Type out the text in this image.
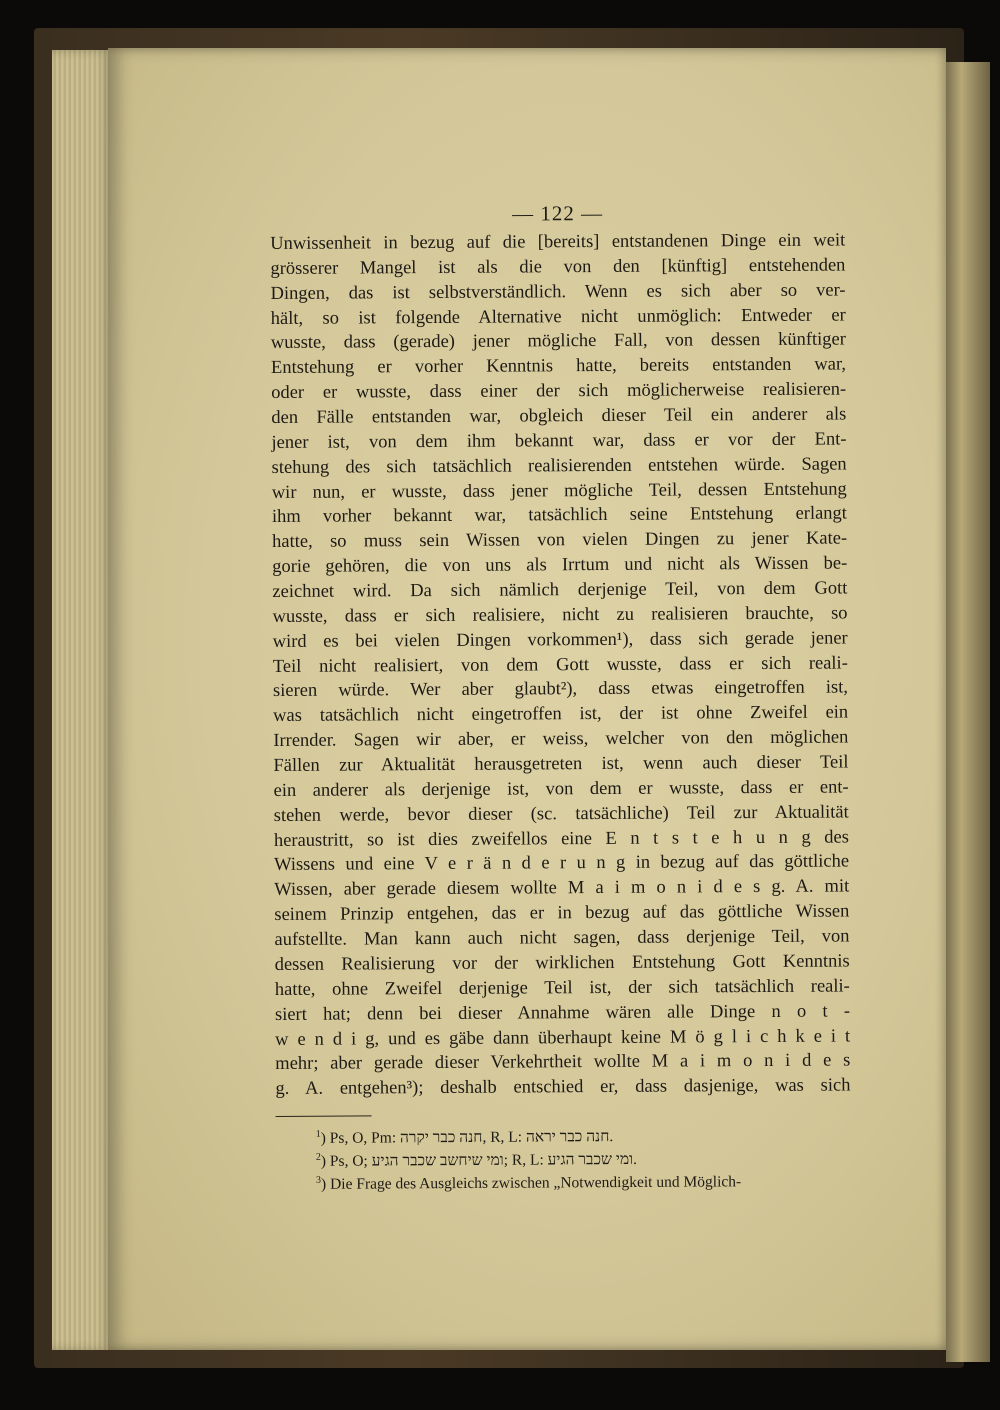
— 122 —
Unwissenheit in bezug auf die [bereits] entstandenen Dinge ein weit
grösserer Mangel ist als die von den [künftig] entstehenden
Dingen, das ist selbstverständlich. Wenn es sich aber so ver-
hält, so ist folgende Alternative nicht unmöglich: Entweder er
wusste, dass (gerade) jener mögliche Fall, von dessen künftiger
Entstehung er vorher Kenntnis hatte, bereits entstanden war,
oder er wusste, dass einer der sich möglicherweise realisieren-
den Fälle entstanden war, obgleich dieser Teil ein anderer als
jener ist, von dem ihm bekannt war, dass er vor der Ent-
stehung des sich tatsächlich realisierenden entstehen würde. Sagen
wir nun, er wusste, dass jener mögliche Teil, dessen Entstehung
ihm vorher bekannt war, tatsächlich seine Entstehung erlangt
hatte, so muss sein Wissen von vielen Dingen zu jener Kate-
gorie gehören, die von uns als Irrtum und nicht als Wissen be-
zeichnet wird. Da sich nämlich derjenige Teil, von dem Gott
wusste, dass er sich realisiere, nicht zu realisieren brauchte, so
wird es bei vielen Dingen vorkommen¹), dass sich gerade jener
Teil nicht realisiert, von dem Gott wusste, dass er sich reali-
sieren würde. Wer aber glaubt²), dass etwas eingetroffen ist,
was tatsächlich nicht eingetroffen ist, der ist ohne Zweifel ein
Irrender. Sagen wir aber, er weiss, welcher von den möglichen
Fällen zur Aktualität herausgetreten ist, wenn auch dieser Teil
ein anderer als derjenige ist, von dem er wusste, dass er ent-
stehen werde, bevor dieser (sc. tatsächliche) Teil zur Aktualität
heraustritt, so ist dies zweifellos eine E n t s t e h u n g des
Wissens und eine V e r ä n d e r u n g in bezug auf das göttliche
Wissen, aber gerade diesem wollte M a i m o n i d e s g. A. mit
seinem Prinzip entgehen, das er in bezug auf das göttliche Wissen
aufstellte. Man kann auch nicht sagen, dass derjenige Teil, von
dessen Realisierung vor der wirklichen Entstehung Gott Kenntnis
hatte, ohne Zweifel derjenige Teil ist, der sich tatsächlich reali-
siert hat; denn bei dieser Annahme wären alle Dinge n o t -
w e n d i g, und es gäbe dann überhaupt keine M ö g l i c h k e i t
mehr; aber gerade dieser Verkehrtheit wollte M a i m o n i d e s
g. A. entgehen³); deshalb entschied er, dass dasjenige, was sich
$^1$) Ps, O, Pm: חנה כבר יקרה, R, L: חנה כבר יראה.
$^2$) Ps, O; ומי שיחשב שכבר הגיע; R, L: ומי שכבר הגיע.
$^3$) Die Frage des Ausgleichs zwischen „Notwendigkeit und Möglich-
